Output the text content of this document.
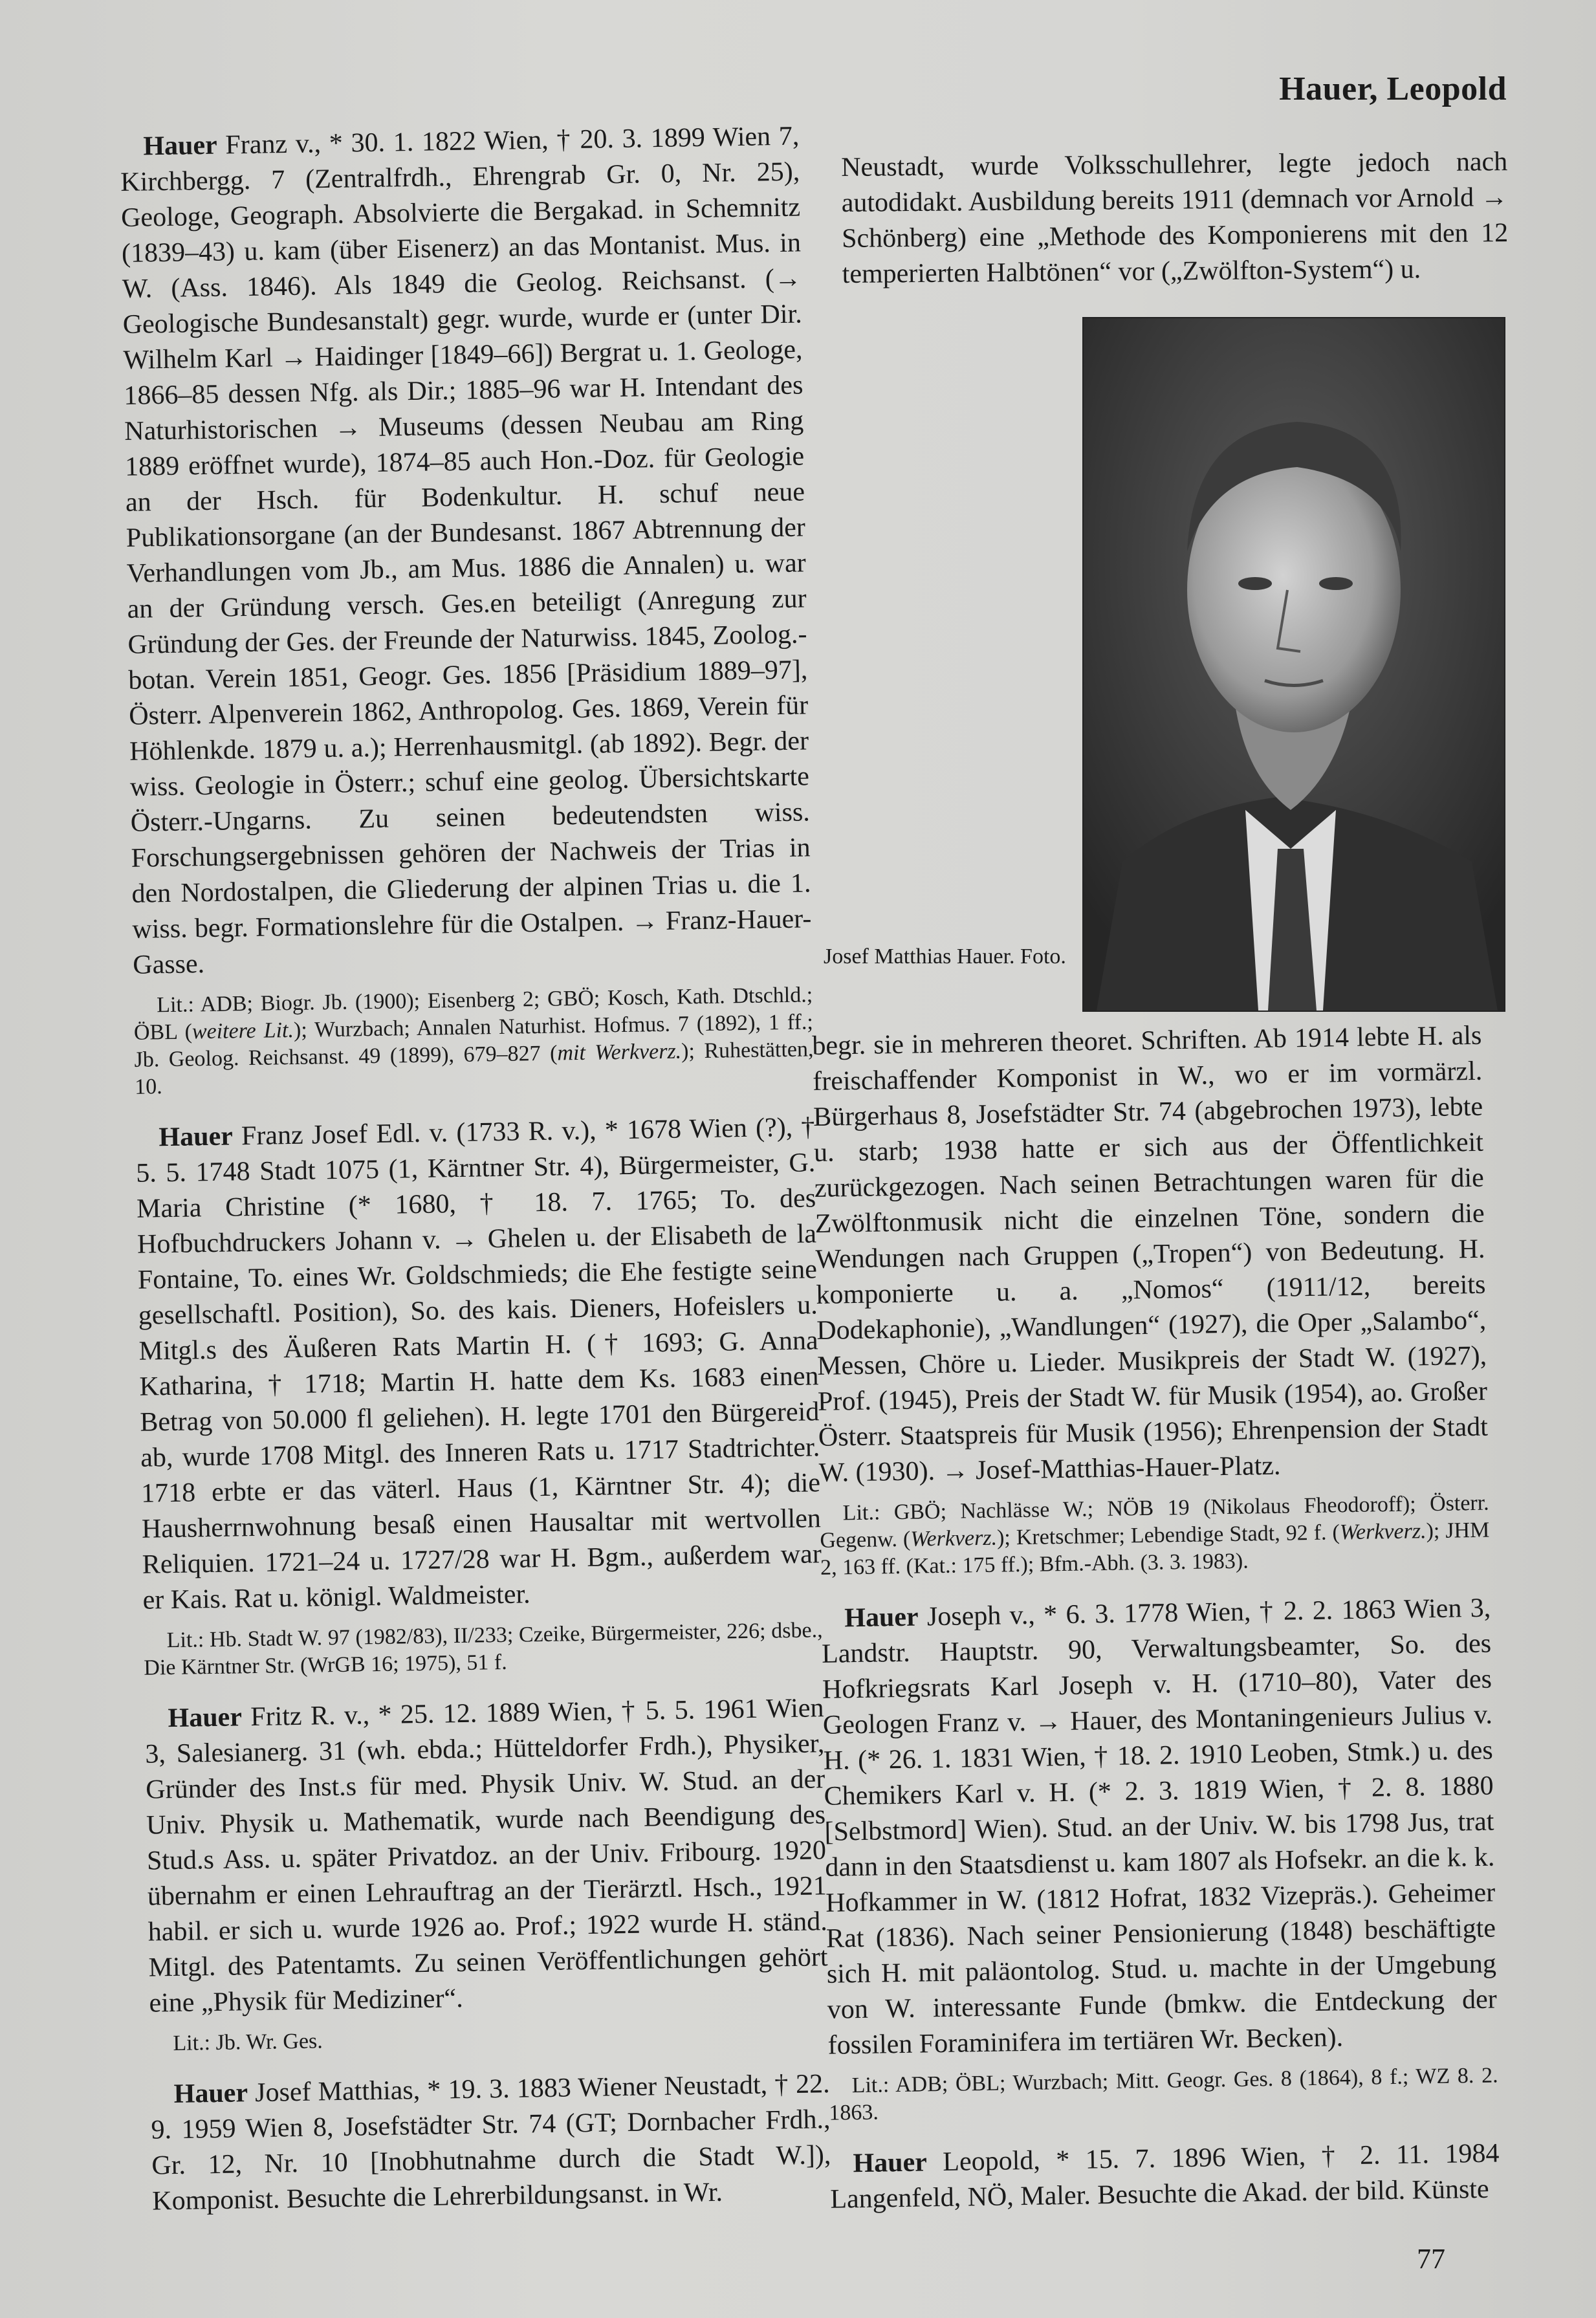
Hauer, Leopold

Hauer Franz v., * 30. 1. 1822 Wien, † 20. 3. 1899 Wien 7, Kirchbergg. 7 (Zentralfrdh., Ehrengrab Gr. 0, Nr. 25), Geologe, Geograph. Absolvierte die Bergakad. in Schemnitz (1839–43) u. kam (über Eisenerz) an das Montanist. Mus. in W. (Ass. 1846). Als 1849 die Geolog. Reichsanst. (→ Geologische Bundesanstalt) gegr. wurde, wurde er (unter Dir. Wilhelm Karl → Haidinger [1849–66]) Bergrat u. 1. Geologe, 1866–85 dessen Nfg. als Dir.; 1885–96 war H. Intendant des Naturhistorischen → Museums (dessen Neubau am Ring 1889 eröffnet wurde), 1874–85 auch Hon.-Doz. für Geologie an der Hsch. für Bodenkultur. H. schuf neue Publikationsorgane (an der Bundesanst. 1867 Abtrennung der Verhandlungen vom Jb., am Mus. 1886 die Annalen) u. war an der Gründung versch. Ges.en beteiligt (Anregung zur Gründung der Ges. der Freunde der Naturwiss. 1845, Zoolog.-botan. Verein 1851, Geogr. Ges. 1856 [Präsidium 1889–97], Österr. Alpenverein 1862, Anthropolog. Ges. 1869, Verein für Höhlenkde. 1879 u. a.); Herrenhausmitgl. (ab 1892). Begr. der wiss. Geologie in Österr.; schuf eine geolog. Übersichtskarte Österr.-Ungarns. Zu seinen bedeutendsten wiss. Forschungsergebnissen gehören der Nachweis der Trias in den Nordostalpen, die Gliederung der alpinen Trias u. die 1. wiss. begr. Formationslehre für die Ostalpen. → Franz-Hauer-Gasse.

Lit.: ADB; Biogr. Jb. (1900); Eisenberg 2; GBÖ; Kosch, Kath. Dtschld.; ÖBL (weitere Lit.); Wurzbach; Annalen Naturhist. Hofmus. 7 (1892), 1 ff.; Jb. Geolog. Reichsanst. 49 (1899), 679–827 (mit Werkverz.); Ruhestätten, 10.

Hauer Franz Josef Edl. v. (1733 R. v.), * 1678 Wien (?), † 5. 5. 1748 Stadt 1075 (1, Kärntner Str. 4), Bürgermeister, G. Maria Christine (* 1680, † 18. 7. 1765; To. des Hofbuchdruckers Johann v. → Ghelen u. der Elisabeth de la Fontaine, To. eines Wr. Goldschmieds; die Ehe festigte seine gesellschaftl. Position), So. des kais. Dieners, Hofeislers u. Mitgl.s des Äußeren Rats Martin H. († 1693; G. Anna Katharina, † 1718; Martin H. hatte dem Ks. 1683 einen Betrag von 50.000 fl geliehen). H. legte 1701 den Bürgereid ab, wurde 1708 Mitgl. des Inneren Rats u. 1717 Stadtrichter. 1718 erbte er das väterl. Haus (1, Kärntner Str. 4); die Hausherrnwohnung besaß einen Hausaltar mit wertvollen Reliquien. 1721–24 u. 1727/28 war H. Bgm., außerdem war er Kais. Rat u. königl. Waldmeister.

Lit.: Hb. Stadt W. 97 (1982/83), II/233; Czeike, Bürgermeister, 226; dsbe., Die Kärntner Str. (WrGB 16; 1975), 51 f.

Hauer Fritz R. v., * 25. 12. 1889 Wien, † 5. 5. 1961 Wien 3, Salesianerg. 31 (wh. ebda.; Hütteldorfer Frdh.), Physiker, Gründer des Inst.s für med. Physik Univ. W. Stud. an der Univ. Physik u. Mathematik, wurde nach Beendigung des Stud.s Ass. u. später Privatdoz. an der Univ. Fribourg. 1920 übernahm er einen Lehrauftrag an der Tierärztl. Hsch., 1921 habil. er sich u. wurde 1926 ao. Prof.; 1922 wurde H. ständ. Mitgl. des Patentamts. Zu seinen Veröffentlichungen gehört eine „Physik für Mediziner“.

Lit.: Jb. Wr. Ges.

Hauer Josef Matthias, * 19. 3. 1883 Wiener Neustadt, † 22. 9. 1959 Wien 8, Josefstädter Str. 74 (GT; Dornbacher Frdh., Gr. 12, Nr. 10 [Inobhutnahme durch die Stadt W.]), Komponist. Besuchte die Lehrerbildungsanst. in Wr.

Neustadt, wurde Volksschullehrer, legte jedoch nach autodidakt. Ausbildung bereits 1911 (demnach vor Arnold → Schönberg) eine „Methode des Komponierens mit den 12 temperierten Halbtönen“ vor („Zwölfton-System“) u.

Josef Matthias Hauer. Foto.

begr. sie in mehreren theoret. Schriften. Ab 1914 lebte H. als freischaffender Komponist in W., wo er im vormärzl. Bürgerhaus 8, Josefstädter Str. 74 (abgebrochen 1973), lebte u. starb; 1938 hatte er sich aus der Öffentlichkeit zurückgezogen. Nach seinen Betrachtungen waren für die Zwölftonmusik nicht die einzelnen Töne, sondern die Wendungen nach Gruppen („Tropen“) von Bedeutung. H. komponierte u. a. „Nomos“ (1911/12, bereits Dodekaphonie), „Wandlungen“ (1927), die Oper „Salambo“, Messen, Chöre u. Lieder. Musikpreis der Stadt W. (1927), Prof. (1945), Preis der Stadt W. für Musik (1954), ao. Großer Österr. Staatspreis für Musik (1956); Ehrenpension der Stadt W. (1930). → Josef-Matthias-Hauer-Platz.

Lit.: GBÖ; Nachlässe W.; NÖB 19 (Nikolaus Fheodoroff); Österr. Gegenw. (Werkverz.); Kretschmer; Lebendige Stadt, 92 f. (Werkverz.); JHM 2, 163 ff. (Kat.: 175 ff.); Bfm.-Abh. (3. 3. 1983).

Hauer Joseph v., * 6. 3. 1778 Wien, † 2. 2. 1863 Wien 3, Landstr. Hauptstr. 90, Verwaltungsbeamter, So. des Hofkriegsrats Karl Joseph v. H. (1710–80), Vater des Geologen Franz v. → Hauer, des Montaningenieurs Julius v. H. (* 26. 1. 1831 Wien, † 18. 2. 1910 Leoben, Stmk.) u. des Chemikers Karl v. H. (* 2. 3. 1819 Wien, † 2. 8. 1880 [Selbstmord] Wien). Stud. an der Univ. W. bis 1798 Jus, trat dann in den Staatsdienst u. kam 1807 als Hofsekr. an die k. k. Hofkammer in W. (1812 Hofrat, 1832 Vizepräs.). Geheimer Rat (1836). Nach seiner Pensionierung (1848) beschäftigte sich H. mit paläontolog. Stud. u. machte in der Umgebung von W. interessante Funde (bmkw. die Entdeckung der fossilen Foraminifera im tertiären Wr. Becken).

Lit.: ADB; ÖBL; Wurzbach; Mitt. Geogr. Ges. 8 (1864), 8 f.; WZ 8. 2. 1863.

Hauer Leopold, * 15. 7. 1896 Wien, † 2. 11. 1984 Langenfeld, NÖ, Maler. Besuchte die Akad. der bild. Künste

77
